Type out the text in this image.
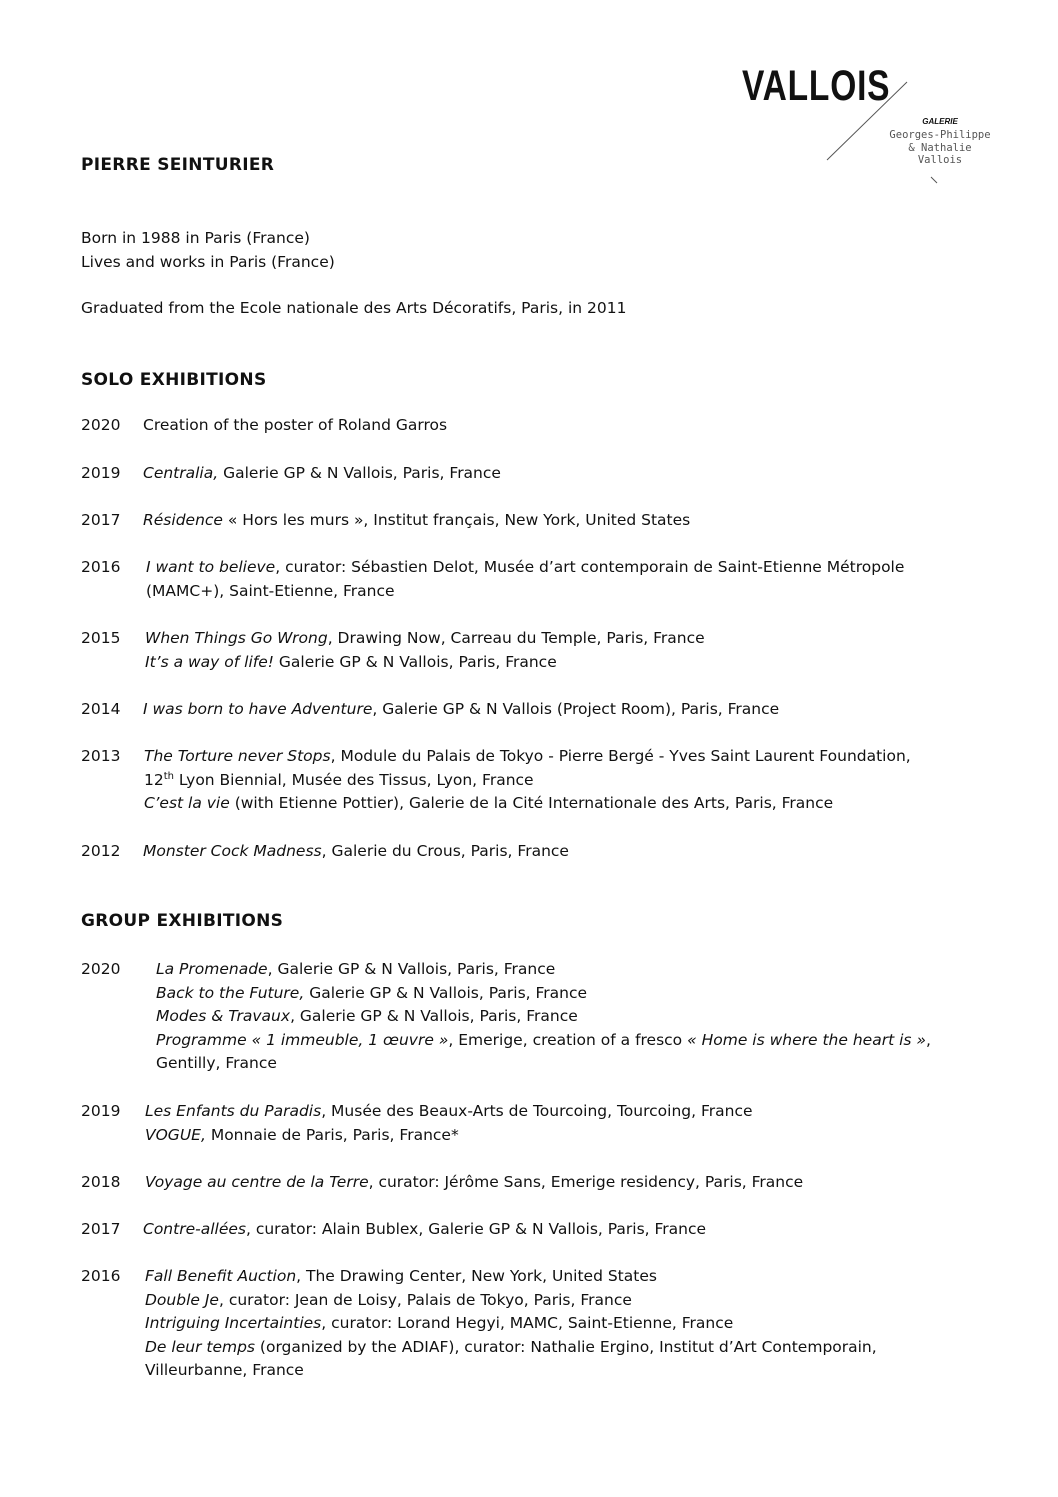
VALLOIS

GALERIE

Georges-Philippe
& Nathalie
Vallois

PIERRE SEINTURIER
Born in 1988 in Paris (France)
Lives and works in Paris (France)
Graduated from the Ecole nationale des Arts Décoratifs, Paris, in 2011
SOLO EXHIBITIONS
2020 Creation of the poster of Roland Garros
2019 Centralia, Galerie GP & N Vallois, Paris, France
2017 Résidence « Hors les murs », Institut français, New York, United States
2016 I want to believe, curator: Sébastien Delot, Musée d’art contemporain de Saint-Etienne Métropole
(MAMC+), Saint-Etienne, France
2015 When Things Go Wrong, Drawing Now, Carreau du Temple, Paris, France
It’s a way of life! Galerie GP & N Vallois, Paris, France
2014 I was born to have Adventure, Galerie GP & N Vallois (Project Room), Paris, France
2013 The Torture never Stops, Module du Palais de Tokyo - Pierre Bergé - Yves Saint Laurent Foundation,
12th Lyon Biennial, Musée des Tissus, Lyon, France
C’est la vie (with Etienne Pottier), Galerie de la Cité Internationale des Arts, Paris, France
2012 Monster Cock Madness, Galerie du Crous, Paris, France
GROUP EXHIBITIONS
2020 La Promenade, Galerie GP & N Vallois, Paris, France
Back to the Future, Galerie GP & N Vallois, Paris, France
Modes & Travaux, Galerie GP & N Vallois, Paris, France
Programme « 1 immeuble, 1 œuvre », Emerige, creation of a fresco « Home is where the heart is »,
Gentilly, France
2019 Les Enfants du Paradis, Musée des Beaux-Arts de Tourcoing, Tourcoing, France
VOGUE, Monnaie de Paris, Paris, France*
2018 Voyage au centre de la Terre, curator: Jérôme Sans, Emerige residency, Paris, France
2017 Contre-allées, curator: Alain Bublex, Galerie GP & N Vallois, Paris, France
2016 Fall Benefit Auction, The Drawing Center, New York, United States
Double Je, curator: Jean de Loisy, Palais de Tokyo, Paris, France
Intriguing Incertainties, curator: Lorand Hegyi, MAMC, Saint-Etienne, France
De leur temps (organized by the ADIAF), curator: Nathalie Ergino, Institut d’Art Contemporain,
Villeurbanne, France
